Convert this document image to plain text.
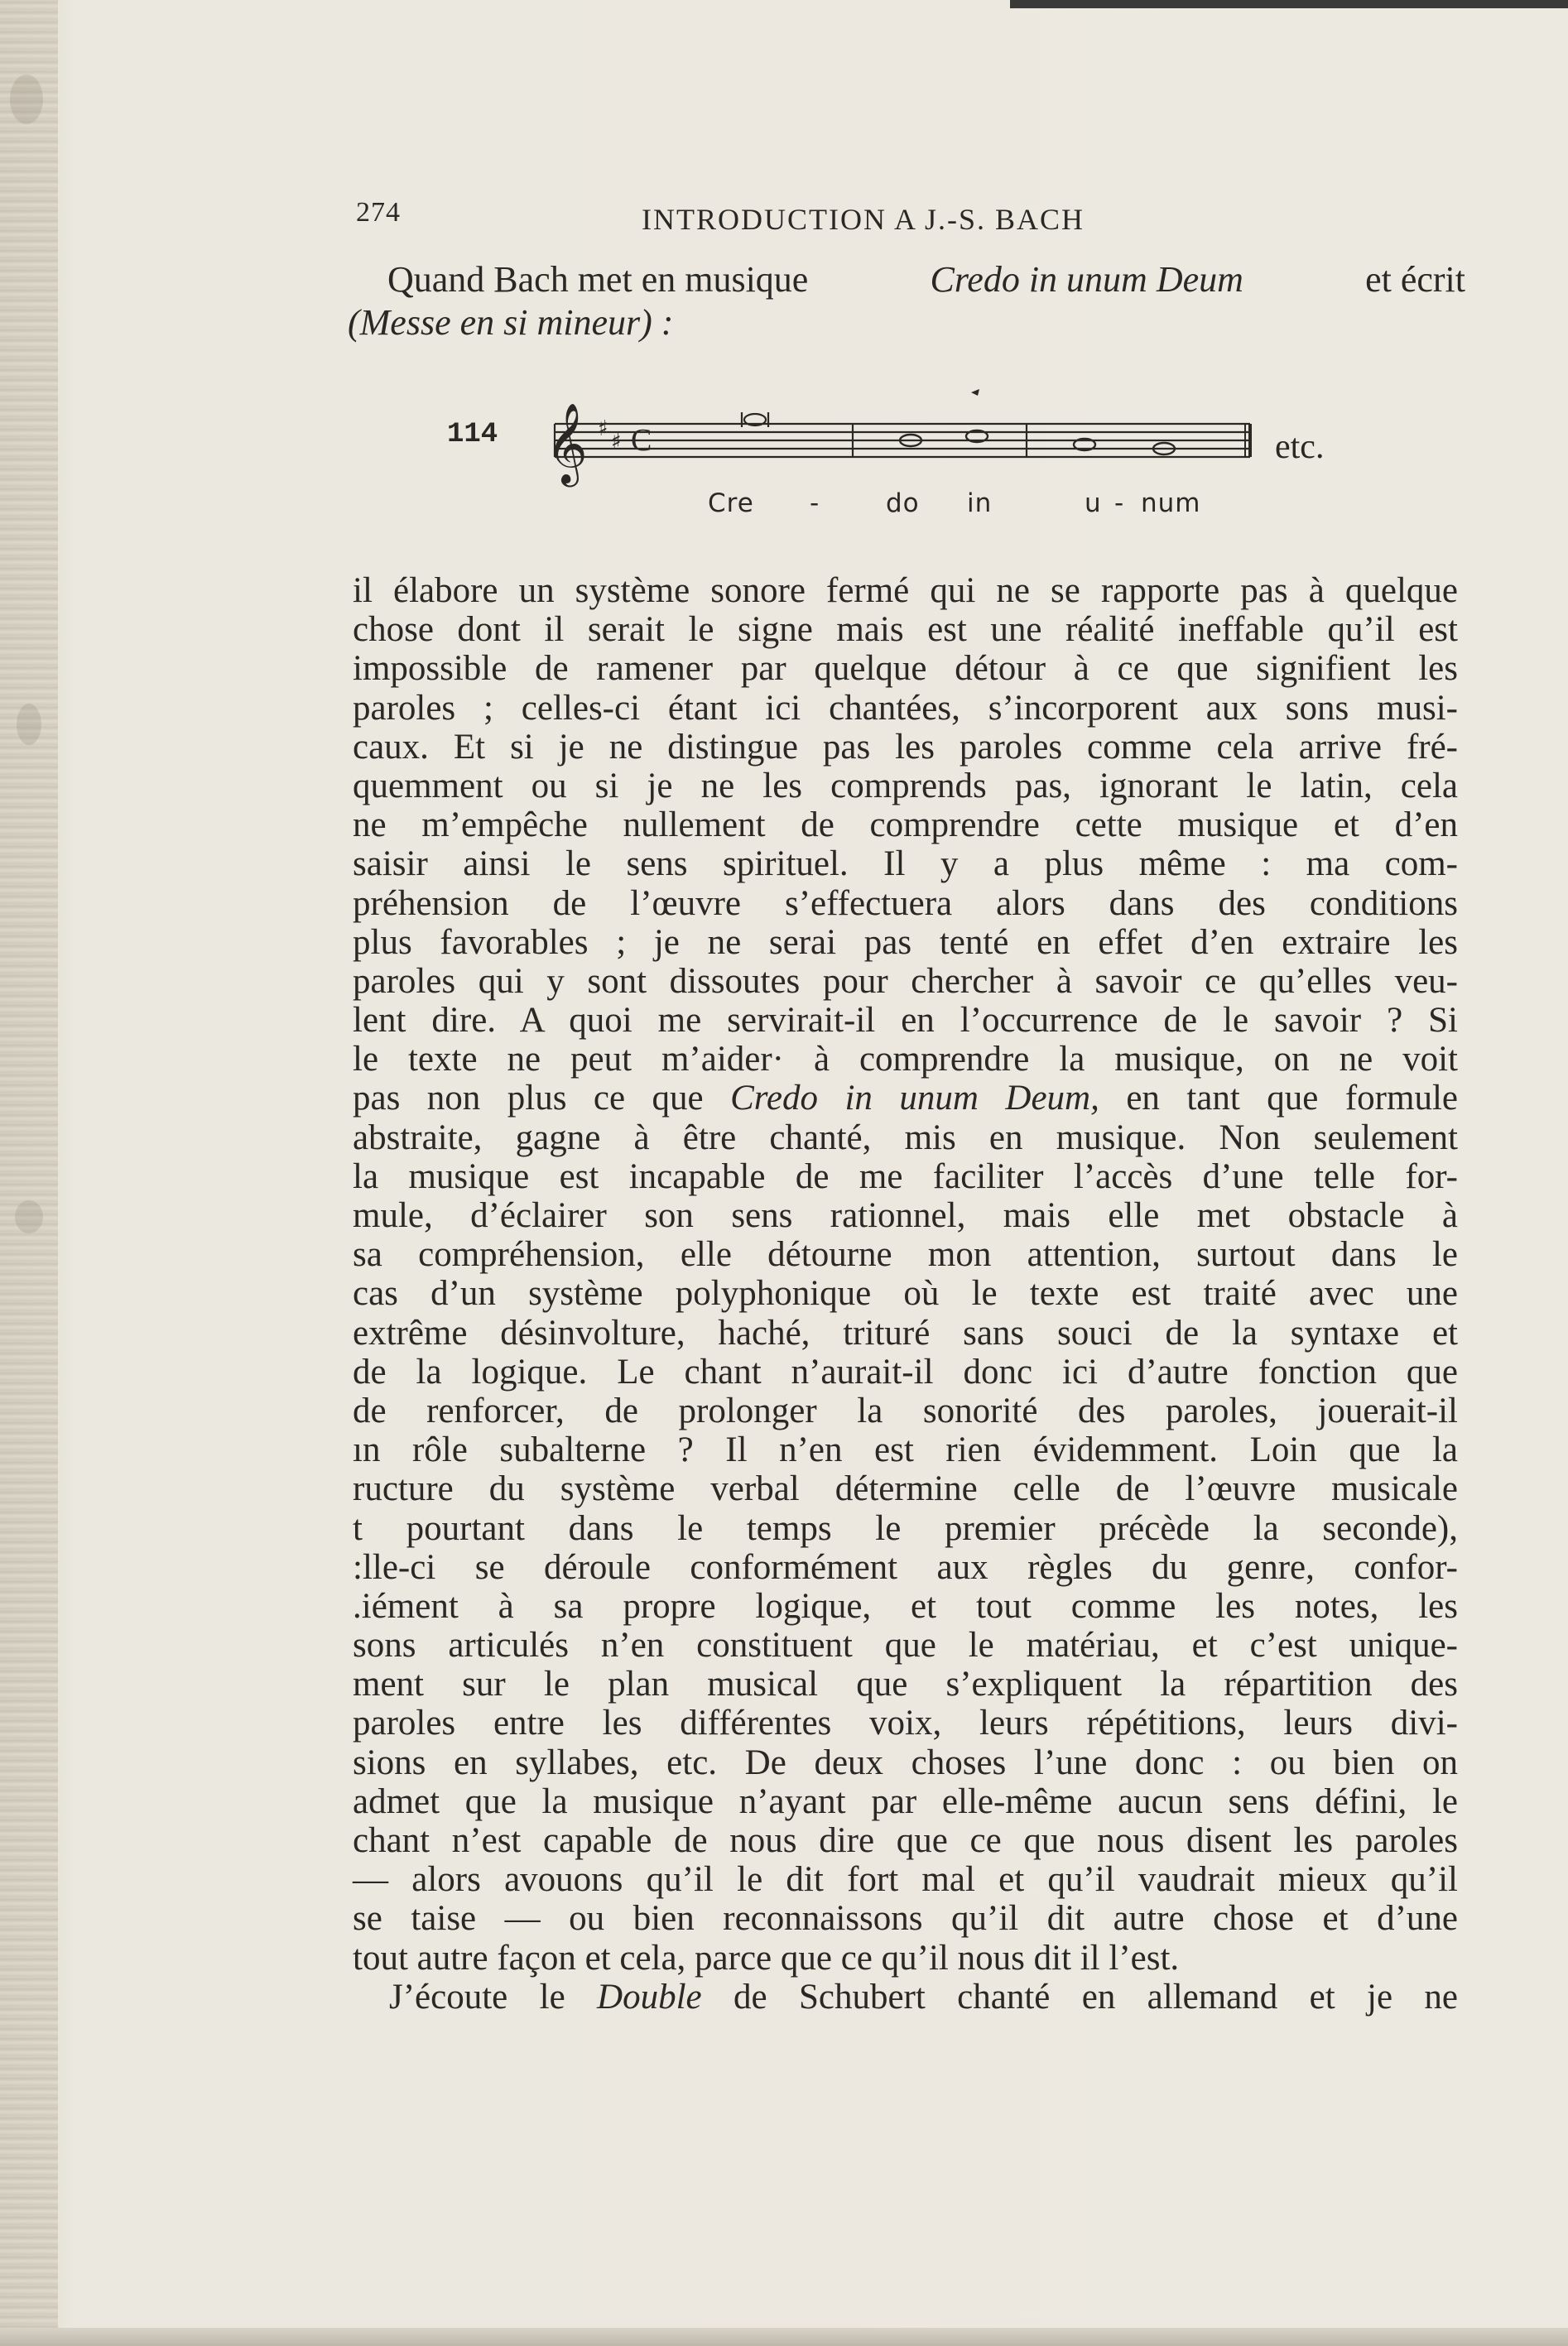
274	INTRODUCTION A J.-S. BACH
Quand Bach met en musique	Credo in unum Deum	et écrit
(Messe en si mineur) :
114 𝄞 ♯
♯ C	etc.
Cre -	do in	u - num
il élabore un système sonore fermé qui ne se rapporte pas à quelque
chose dont il serait le signe mais est une réalité ineffable qu’il est
impossible de ramener par quelque détour à ce que signifient les
paroles ; celles-ci étant ici chantées, s’incorporent aux sons musi-
caux. Et si je ne distingue pas les paroles comme cela arrive fré-
quemment ou si je ne les comprends pas, ignorant le latin, cela
ne m’empêche nullement de comprendre cette musique et d’en
saisir ainsi le sens spirituel. Il y a plus même : ma com-
préhension de l’œuvre s’effectuera alors dans des conditions
plus favorables ; je ne serai pas tenté en effet d’en extraire les
paroles qui y sont dissoutes pour chercher à savoir ce qu’elles veu-
lent dire. A quoi me servirait-il en l’occurrence de le savoir ? Si
le texte ne peut m’aider· à comprendre la musique, on ne voit
pas non plus ce que Credo in unum Deum, en tant que formule
abstraite, gagne à être chanté, mis en musique. Non seulement
la musique est incapable de me faciliter l’accès d’une telle for-
mule, d’éclairer son sens rationnel, mais elle met obstacle à
sa compréhension, elle détourne mon attention, surtout dans le
cas d’un système polyphonique où le texte est traité avec une
extrême désinvolture, haché, trituré sans souci de la syntaxe et
de la logique. Le chant n’aurait-il donc ici d’autre fonction que
de renforcer, de prolonger la sonorité des paroles, jouerait-il
ın rôle subalterne ? Il n’en est rien évidemment. Loin que la
ructure du système verbal détermine celle de l’œuvre musicale
t pourtant dans le temps le premier précède la seconde),
:lle-ci se déroule conformément aux règles du genre, confor-
.iément à sa propre logique, et tout comme les notes, les
sons articulés n’en constituent que le matériau, et c’est unique-
ment sur le plan musical que s’expliquent la répartition des
paroles entre les différentes voix, leurs répétitions, leurs divi-
sions en syllabes, etc. De deux choses l’une donc : ou bien on
admet que la musique n’ayant par elle-même aucun sens défini, le
chant n’est capable de nous dire que ce que nous disent les paroles
— alors avouons qu’il le dit fort mal et qu’il vaudrait mieux qu’il
se taise — ou bien reconnaissons qu’il dit autre chose et d’une
tout autre façon et cela, parce que ce qu’il nous dit il l’est.
J’écoute le Double de Schubert chanté en allemand et je ne
